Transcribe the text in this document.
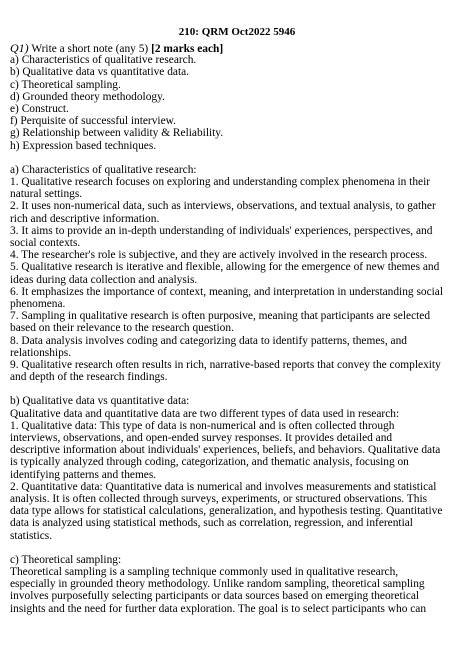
210: QRM Oct2022 5946
Q1) Write a short note (any 5) [2 marks each]
a) Characteristics of qualitative research.
b) Qualitative data vs quantitative data.
c) Theoretical sampling.
d) Grounded theory methodology.
e) Construct.
f) Perquisite of successful interview.
g) Relationship between validity & Reliability.
h) Expression based techniques.
a) Characteristics of qualitative research:
1. Qualitative research focuses on exploring and understanding complex phenomena in their
natural settings.
2. It uses non-numerical data, such as interviews, observations, and textual analysis, to gather
rich and descriptive information.
3. It aims to provide an in-depth understanding of individuals' experiences, perspectives, and
social contexts.
4. The researcher's role is subjective, and they are actively involved in the research process.
5. Qualitative research is iterative and flexible, allowing for the emergence of new themes and
ideas during data collection and analysis.
6. It emphasizes the importance of context, meaning, and interpretation in understanding social
phenomena.
7. Sampling in qualitative research is often purposive, meaning that participants are selected
based on their relevance to the research question.
8. Data analysis involves coding and categorizing data to identify patterns, themes, and
relationships.
9. Qualitative research often results in rich, narrative-based reports that convey the complexity
and depth of the research findings.
b) Qualitative data vs quantitative data:
Qualitative data and quantitative data are two different types of data used in research:
1. Qualitative data: This type of data is non-numerical and is often collected through
interviews, observations, and open-ended survey responses. It provides detailed and
descriptive information about individuals' experiences, beliefs, and behaviors. Qualitative data
is typically analyzed through coding, categorization, and thematic analysis, focusing on
identifying patterns and themes.
2. Quantitative data: Quantitative data is numerical and involves measurements and statistical
analysis. It is often collected through surveys, experiments, or structured observations. This
data type allows for statistical calculations, generalization, and hypothesis testing. Quantitative
data is analyzed using statistical methods, such as correlation, regression, and inferential
statistics.
c) Theoretical sampling:
Theoretical sampling is a sampling technique commonly used in qualitative research,
especially in grounded theory methodology. Unlike random sampling, theoretical sampling
involves purposefully selecting participants or data sources based on emerging theoretical
insights and the need for further data exploration. The goal is to select participants who can
